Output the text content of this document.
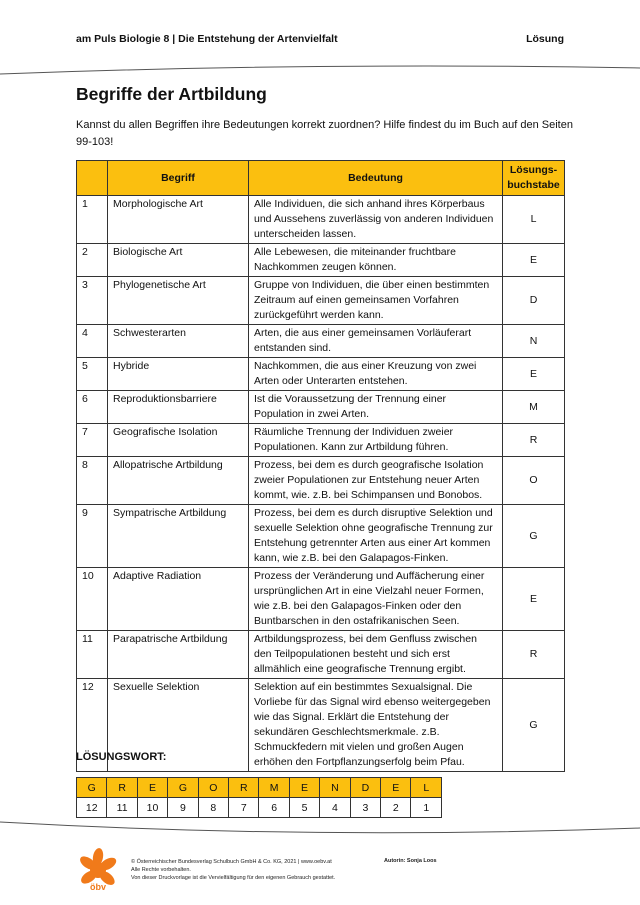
am Puls Biologie 8 | Die Entstehung der Artenvielfalt	Lösung
Begriffe der Artbildung

Kannst du allen Begriffen ihre Bedeutungen korrekt zuordnen? Hilfe findest du im Buch auf den Seiten 99-103!

	Begriff	Bedeutung	Lösungs-buchstabe
1	Morphologische Art	Alle Individuen, die sich anhand ihres Körperbaus und Aussehens zuverlässig von anderen Individuen unterscheiden lassen.	L
2	Biologische Art	Alle Lebewesen, die miteinander fruchtbare Nachkommen zeugen können.	E
3	Phylogenetische Art	Gruppe von Individuen, die über einen bestimmten Zeitraum auf einen gemeinsamen Vorfahren zurückgeführt werden kann.	D
4	Schwesterarten	Arten, die aus einer gemeinsamen Vorläuferart entstanden sind.	N
5	Hybride	Nachkommen, die aus einer Kreuzung von zwei Arten oder Unterarten entstehen.	E
6	Reproduktionsbarriere	Ist die Voraussetzung der Trennung einer Population in zwei Arten.	M
7	Geografische Isolation	Räumliche Trennung der Individuen zweier Populationen. Kann zur Artbildung führen.	R
8	Allopatrische Artbildung	Prozess, bei dem es durch geografische Isolation zweier Populationen zur Entstehung neuer Arten kommt, wie. z.B. bei Schimpansen und Bonobos.	O
9	Sympatrische Artbildung	Prozess, bei dem es durch disruptive Selektion und sexuelle Selektion ohne geografische Trennung zur Entstehung getrennter Arten aus einer Art kommen kann, wie z.B. bei den Galapagos-Finken.	G
10	Adaptive Radiation	Prozess der Veränderung und Auffächerung einer ursprünglichen Art in eine Vielzahl neuer Formen, wie z.B. bei den Galapagos-Finken oder den Buntbarschen in den ostafrikanischen Seen.	E
11	Parapatrische Artbildung	Artbildungsprozess, bei dem Genfluss zwischen den Teilpopulationen besteht und sich erst allmählich eine geografische Trennung ergibt.	R
12	Sexuelle Selektion	Selektion auf ein bestimmtes Sexualsignal. Die Vorliebe für das Signal wird ebenso weitergegeben wie das Signal. Erklärt die Entstehung der sekundären Geschlechtsmerkmale. z.B. Schmuckfedern mit vielen und großen Augen erhöhen den Fortpflanzungserfolg beim Pfau.	G
LÖSUNGSWORT:
G	R	E	G	O	R	M	E	N	D	E	L
12	11	10	9	8	7	6	5	4	3	2	1
öbv
© Österreichischer Bundesverlag Schulbuch GmbH & Co. KG, 2021 | www.oebv.at
Alle Rechte vorbehalten.
Von dieser Druckvorlage ist die Vervielfältigung für den eigenen Gebrauch gestattet.
Autorin: Sonja Loos
